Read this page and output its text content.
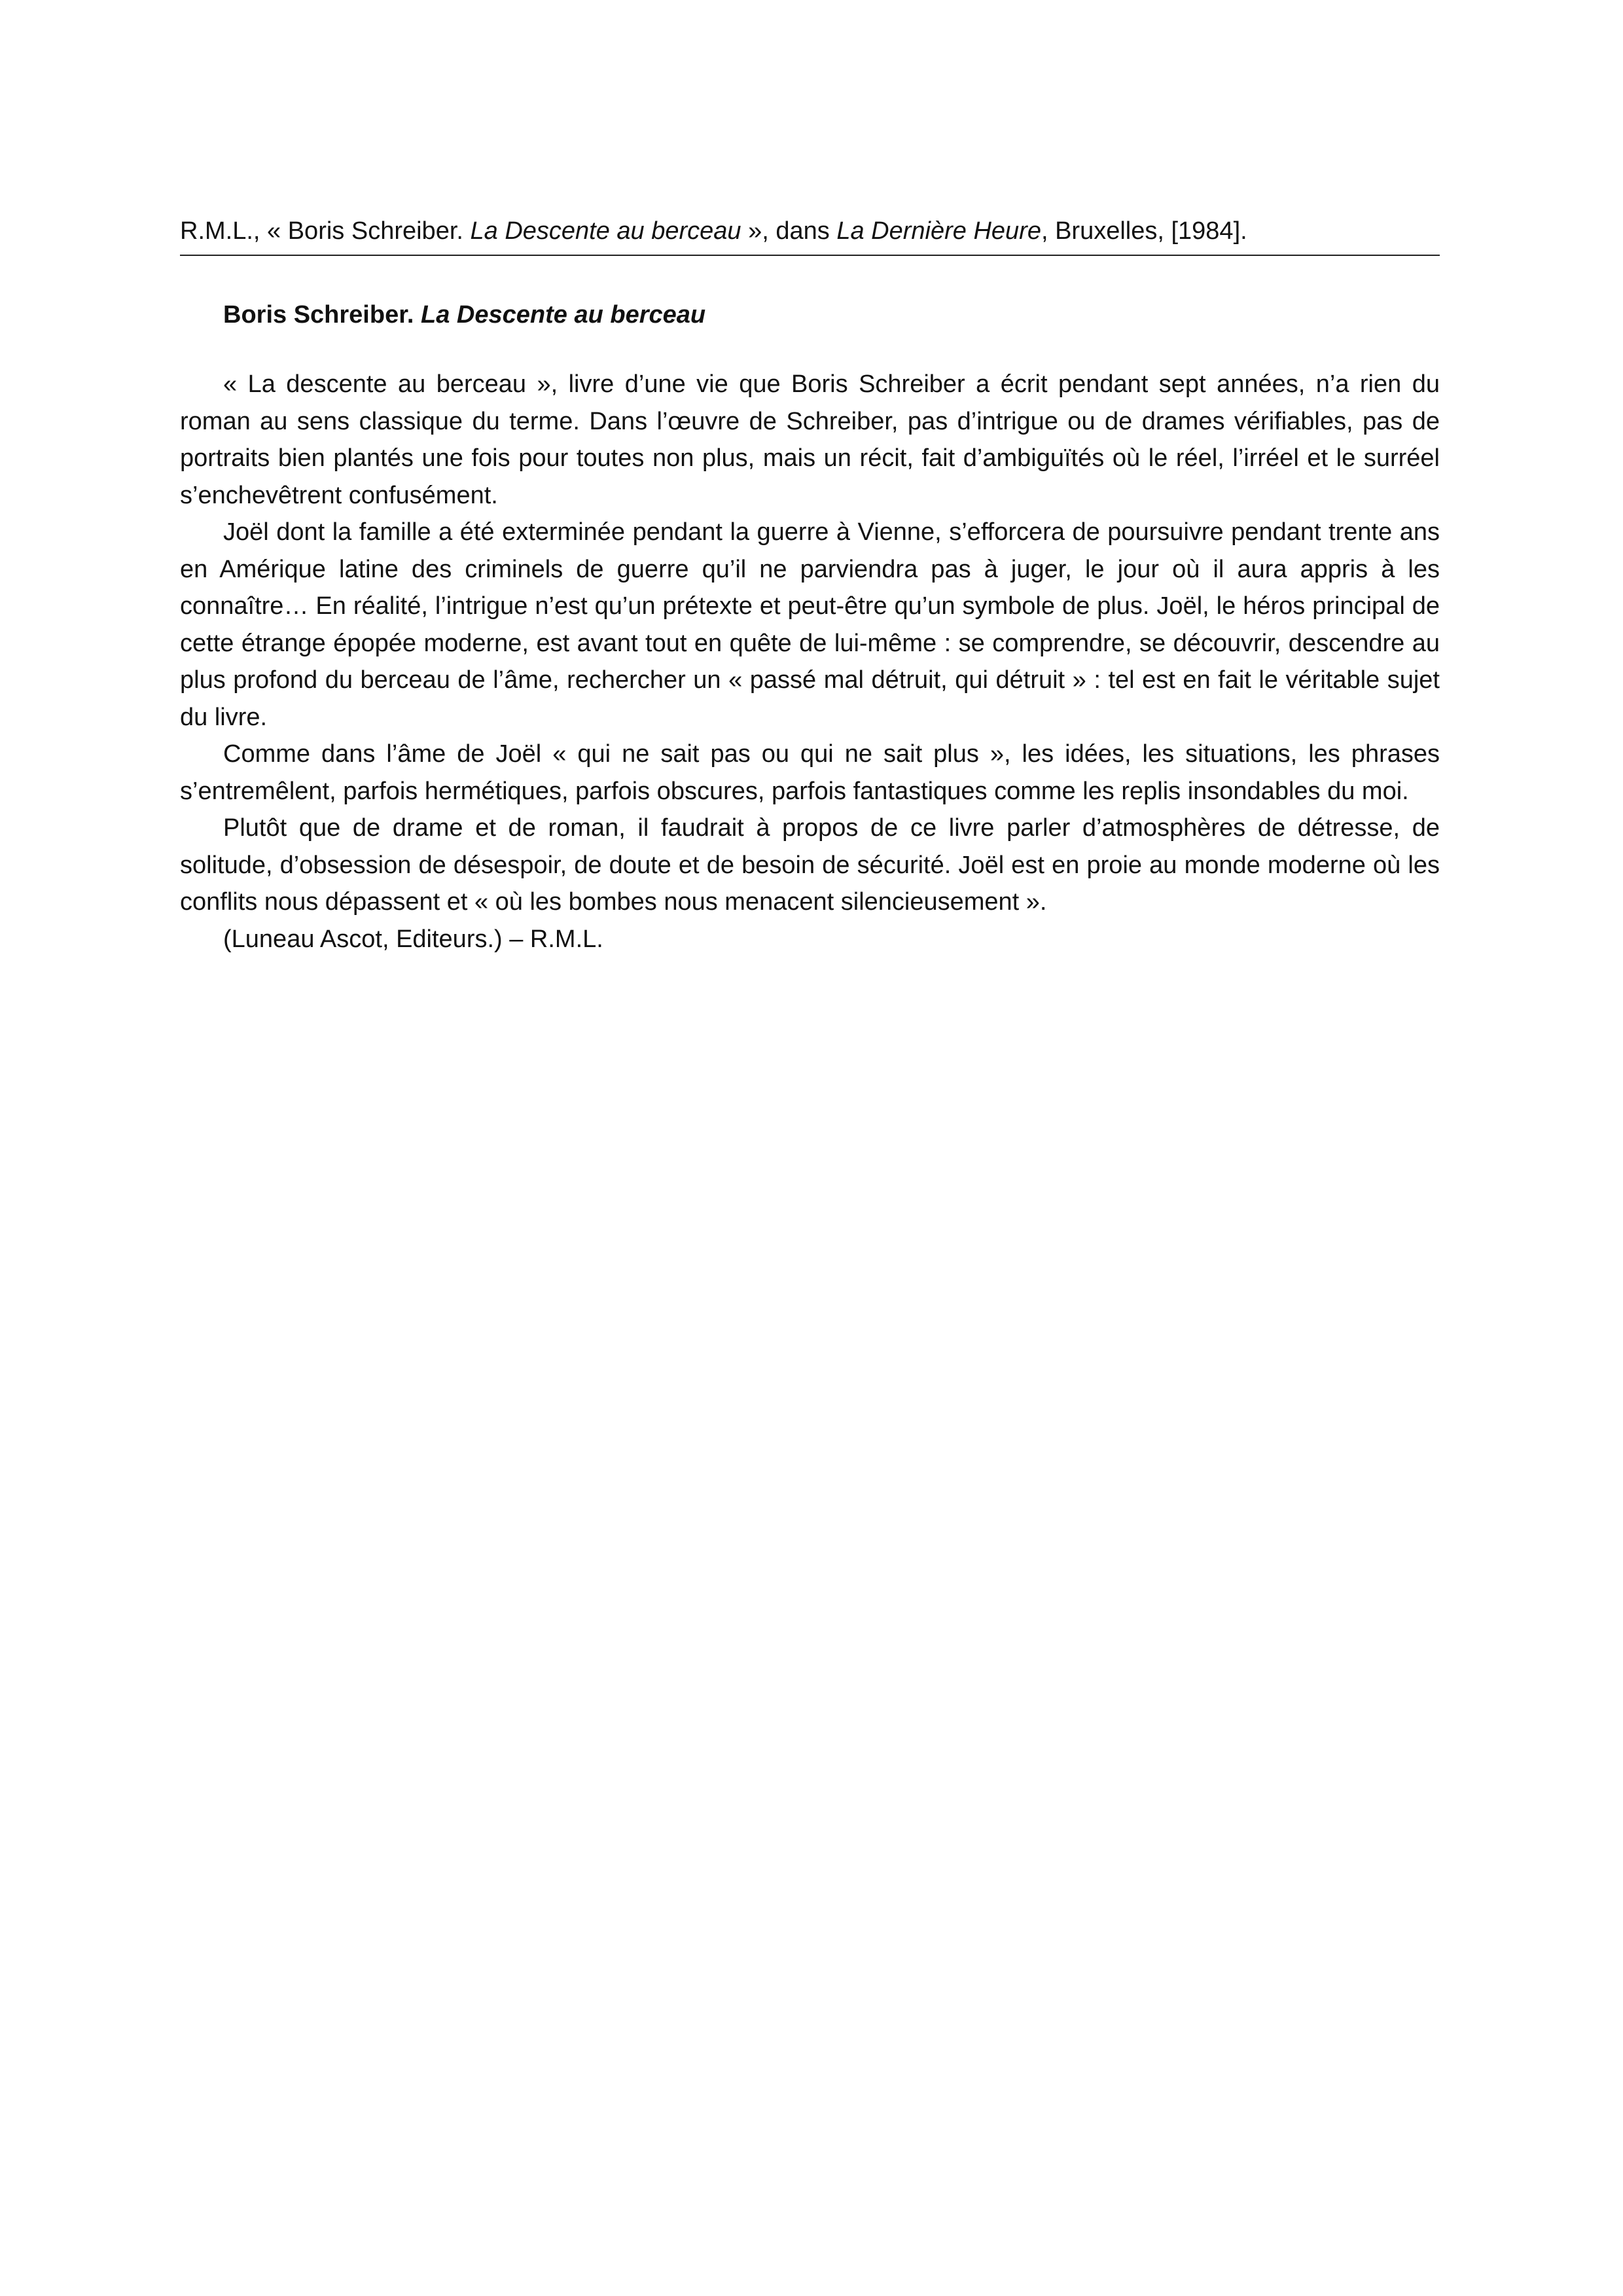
R.M.L., « Boris Schreiber. La Descente au berceau », dans La Dernière Heure, Bruxelles, [1984].

Boris Schreiber. La Descente au berceau

« La descente au berceau », livre d’une vie que Boris Schreiber a écrit pendant sept années, n’a rien du roman au sens classique du terme. Dans l’œuvre de Schreiber, pas d’intrigue ou de drames vérifiables, pas de portraits bien plantés une fois pour toutes non plus, mais un récit, fait d’ambiguïtés où le réel, l’irréel et le surréel s’enchevêtrent confusément.

Joël dont la famille a été exterminée pendant la guerre à Vienne, s’efforcera de poursuivre pendant trente ans en Amérique latine des criminels de guerre qu’il ne parviendra pas à juger, le jour où il aura appris à les connaître… En réalité, l’intrigue n’est qu’un prétexte et peut-être qu’un symbole de plus. Joël, le héros principal de cette étrange épopée moderne, est avant tout en quête de lui-même : se comprendre, se découvrir, descendre au plus profond du berceau de l’âme, rechercher un « passé mal détruit, qui détruit » : tel est en fait le véritable sujet du livre.

Comme dans l’âme de Joël « qui ne sait pas ou qui ne sait plus », les idées, les situations, les phrases s’entremêlent, parfois hermétiques, parfois obscures, parfois fantastiques comme les replis insondables du moi.

Plutôt que de drame et de roman, il faudrait à propos de ce livre parler d’atmosphères de détresse, de solitude, d’obsession de désespoir, de doute et de besoin de sécurité. Joël est en proie au monde moderne où les conflits nous dépassent et « où les bombes nous menacent silencieusement ».

(Luneau Ascot, Editeurs.) – R.M.L.
